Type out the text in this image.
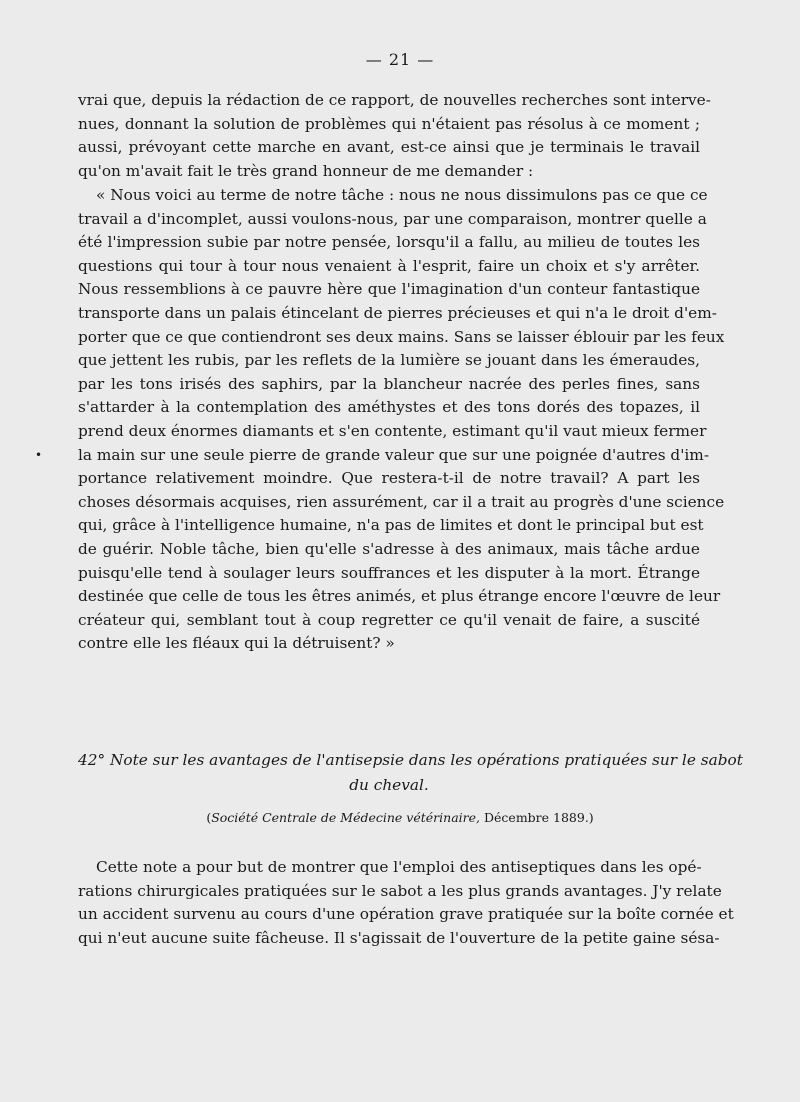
— 21 —
vrai que, depuis la rédaction de ce rapport, de nouvelles recherches sont interve-
nues, donnant la solution de problèmes qui n'étaient pas résolus à ce moment ;
aussi, prévoyant cette marche en avant, est-ce ainsi que je terminais le travail
qu'on m'avait fait le très grand honneur de me demander :
« Nous voici au terme de notre tâche : nous ne nous dissimulons pas ce que ce
travail a d'incomplet, aussi voulons-nous, par une comparaison, montrer quelle a
été l'impression subie par notre pensée, lorsqu'il a fallu, au milieu de toutes les
questions qui tour à tour nous venaient à l'esprit, faire un choix et s'y arrêter.
Nous ressemblions à ce pauvre hère que l'imagination d'un conteur fantastique
transporte dans un palais étincelant de pierres précieuses et qui n'a le droit d'em-
porter que ce que contiendront ses deux mains. Sans se laisser éblouir par les feux
que jettent les rubis, par les reflets de la lumière se jouant dans les émeraudes,
par les tons irisés des saphirs, par la blancheur nacrée des perles fines, sans
s'attarder à la contemplation des améthystes et des tons dorés des topazes, il
prend deux énormes diamants et s'en contente, estimant qu'il vaut mieux fermer
la main sur une seule pierre de grande valeur que sur une poignée d'autres d'im-
portance relativement moindre. Que restera-t-il de notre travail? A part les
choses désormais acquises, rien assurément, car il a trait au progrès d'une science
qui, grâce à l'intelligence humaine, n'a pas de limites et dont le principal but est
de guérir. Noble tâche, bien qu'elle s'adresse à des animaux, mais tâche ardue
puisqu'elle tend à soulager leurs souffrances et les disputer à la mort. Étrange
destinée que celle de tous les êtres animés, et plus étrange encore l'œuvre de leur
créateur qui, semblant tout à coup regretter ce qu'il venait de faire, a suscité
contre elle les fléaux qui la détruisent? »
•
42° Note sur les avantages de l'antisepsie dans les opérations pratiquées sur le sabot
du cheval.
(Société Centrale de Médecine vétérinaire, Décembre 1889.)
Cette note a pour but de montrer que l'emploi des antiseptiques dans les opé-
rations chirurgicales pratiquées sur le sabot a les plus grands avantages. J'y relate
un accident survenu au cours d'une opération grave pratiquée sur la boîte cornée et
qui n'eut aucune suite fâcheuse. Il s'agissait de l'ouverture de la petite gaine sésa-
